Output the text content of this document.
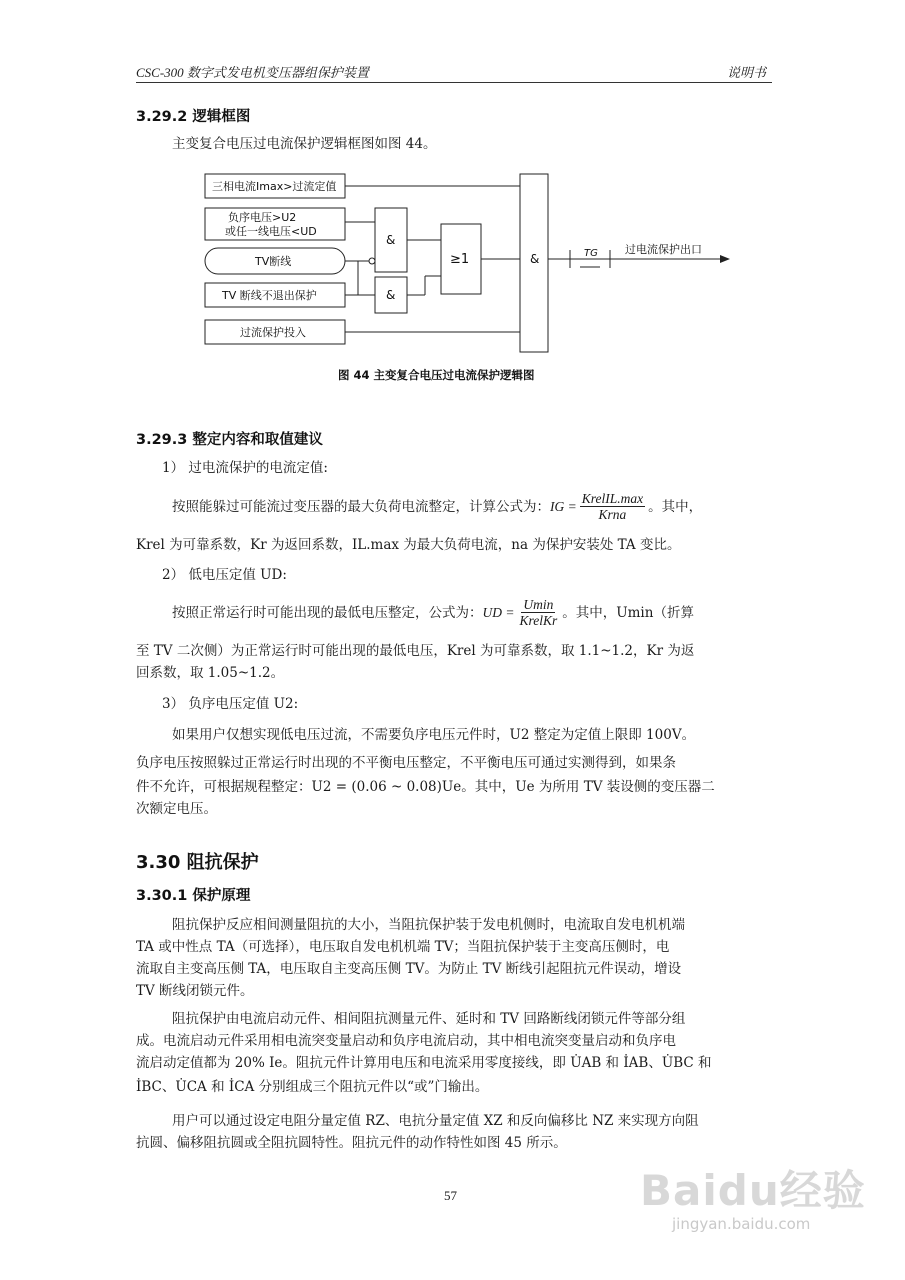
CSC-300 数字式发电机变压器组保护装置	说明书
3.29.2 逻辑框图
主变复合电压过电流保护逻辑框图如图 44。
三相电流Imax>过流定值
负序电压>U2
或任一线电压<UD
TV断线
TV 断线不退出保护
过流保护投入
&
&
≥1	&	TG 过电流保护出口
图 44 主变复合电压过电流保护逻辑图
3.29.3 整定内容和取值建议
1） 过电流保护的电流定值:
按照能躲过可能流过变压器的最大负荷电流整定，计算公式为： IG = $\frac{\text{KrelIL.max}}{\text{Krna}}$ 。其中，
Krel 为可靠系数，Kr 为返回系数，IL.max 为最大负荷电流，na 为保护安装处 TA 变比。
2） 低电压定值 UD:
按照正常运行时可能出现的最低电压整定，公式为： UD = $\frac{Umin}{\text{KrelKr}}$ 。其中，Umin（折算
至 TV 二次侧）为正常运行时可能出现的最低电压，Krel 为可靠系数，取 1.1~1.2，Kr 为返
回系数，取 1.05~1.2。
3） 负序电压定值 U2:
如果用户仅想实现低电压过流，不需要负序电压元件时，U2 整定为定值上限即 100V。
负序电压按照躲过正常运行时出现的不平衡电压整定，不平衡电压可通过实测得到，如果条
件不允许，可根据规程整定：U2 = (0.06 ~ 0.08)Ue。其中，Ue 为所用 TV 装设侧的变压器二
次额定电压。
3.30 阻抗保护
3.30.1 保护原理
阻抗保护反应相间测量阻抗的大小，当阻抗保护装于发电机侧时，电流取自发电机机端
TA 或中性点 TA（可选择），电压取自发电机机端 TV；当阻抗保护装于主变高压侧时，电
流取自主变高压侧 TA，电压取自主变高压侧 TV。为防止 TV 断线引起阻抗元件误动，增设
TV 断线闭锁元件。
阻抗保护由电流启动元件、相间阻抗测量元件、延时和 TV 回路断线闭锁元件等部分组
成。电流启动元件采用相电流突变量启动和负序电流启动，其中相电流突变量启动和负序电
流启动定值都为 20% Ie。阻抗元件计算用电压和电流采用零度接线，即 U̇AB 和 İAB、U̇BC 和
İBC、U̇CA 和 İCA 分别组成三个阻抗元件以“或”门输出。
用户可以通过设定电阻分量定值 RZ、电抗分量定值 XZ 和反向偏移比 NZ 来实现方向阻
抗圆、偏移阻抗圆或全阻抗圆特性。阻抗元件的动作特性如图 45 所示。
57	Baidu经验
jingyan.baidu.com
